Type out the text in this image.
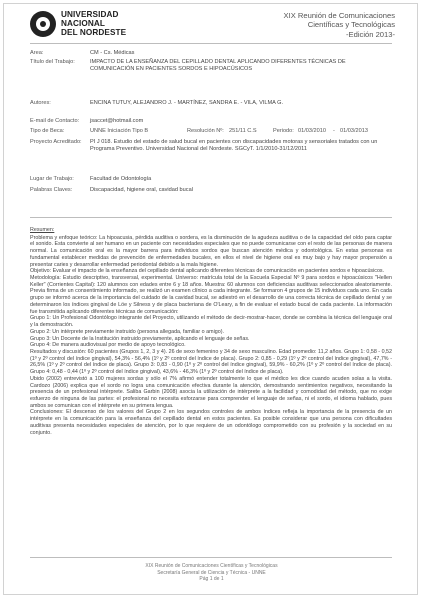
UNIVERSIDAD
NACIONAL
DEL NORDESTE
XIX Reunión de Comunicaciones
Científicas y Tecnológicas
-Edición 2013-
Area:	CM - Cs. Médicas
Título del Trabajo:	IMPACTO DE LA ENSEÑANZA DEL CEPILLADO DENTAL APLICANDO DIFERENTES TÉCNICAS DE COMUNICACIÓN EN PACIENTES SORDOS E HIPOACÚSICOS
Autores:	ENCINA TUTUY, ALEJANDRO J. - MARTÍNEZ, SANDRA E. - VILA, VILMA G.
E-mail de Contacto:	jsaccet@hotmail.com
Tipo de Beca:	UNNE Iniciación Tipo B	Resolución Nº: 251/11 C.S	Periodo: 01/03/2010 - 01/03/2013
Proyecto Acreditado:	PI J 018. Estudio del estado de salud bucal en pacientes con discapacidades motoras y sensoriales tratados con un Programa Preventivo. Universidad Nacional del Nordeste. SGCyT. 1/1/2010-31/12/2011
Lugar de Trabajo:	Facultad de Odontología
Palabras Claves:	Discapacidad, higiene oral, cavidad bucal
Resumen:

Problema y enfoque teórico: La hipoacusia, pérdida auditiva o sordera, es la disminución de la agudeza auditiva o de la capacidad del oído para captar el sonido. Esta convierte al ser humano en un paciente con necesidades especiales que no puede comunicarse con el resto de las personas de manera normal. La comunicación oral es la mayor barrera para individuos sordos que buscan atención médica y odontológica. En estas personas es fundamental establecer medidas de prevención de enfermedades bucales, en ellos el nivel de higiene oral es muy bajo y hay mayor propensión a presentar caries y desarrollar enfermedad periodontal debido a la mala higiene.

Objetivo: Evaluar el impacto de la enseñanza del cepillado dental aplicando diferentes técnicas de comunicación en pacientes sordos e hipoacúsicos.

Metodología: Estudio descriptivo, transversal, experimental. Universo: matrícula total de la Escuela Especial Nº 9 para sordos e hipoacúsicos "Hellen Keller" (Corrientes Capital): 120 alumnos con edades entre 6 y 18 años. Muestra: 60 alumnos con deficiencias auditivas seleccionados aleatoriamente. Previa firma de un consentimiento informado, se realizó un examen clínico a cada integrante. Se formaron 4 grupos de 15 individuos cada uno. En cada grupo se informó acerca de la importancia del cuidado de la cavidad bucal, se adiestró en el desarrollo de una correcta técnica de cepillado dental y se determinaron los índices gingival de Löe y Silness y de placa bacteriana de O'Leary, a fin de evaluar el estado bucal de cada paciente. La información fue transmitida aplicando diferentes técnicas de comunicación:

Grupo 1: Un Profesional Odontólogo integrante del Proyecto, utilizando el método de decir-mostrar-hacer, donde se combina la técnica del lenguaje oral y la demostración.

Grupo 2: Un intérprete previamente instruido (persona allegada, familiar o amigo).

Grupo 3: Un Docente de la Institución instruido previamente, aplicando el lenguaje de señas.

Grupo 4: De manera audiovisual por medio de apoyo tecnológico.

Resultados y discusión: 60 pacientes (Grupos 1, 2, 3 y 4). 26 de sexo femenino y 34 de sexo masculino. Edad promedio: 11,2 años. Grupo 1: 0,58 - 0,52 (1º y 2º control del índice gingival), 54,3% - 56,4% (1º y 2º control del índice de placa). Grupo 2: 0,85 - 0,29 (1º y 2º control del índice gingival), 47,7% - 26,5% (1º y 2º control del índice de placa). Grupo 3: 0,83 - 0,90 (1º y 2º control del índice gingival), 59,9% - 60,2% (1º y 2º control del índice de placa). Grupo 4: 0,48 - 0,44 (1º y 2º control del índice gingival), 43,6% - 46,3% (1º y 2º control del índice de placa).

Ubido (2002) entrevistó a 100 mujeres sordas y sólo el 7% afirmó entender totalmente lo que el médico les dice cuando acuden solas a la visita. Cardozo (2006) explica que el sordo no logra una comunicación efectiva durante la atención, demostrando sentimientos negativos, necesitando la presencia de un profesional intérprete. Saliba Garbin (2008) asocia la utilización de intérprete a la facilidad y comodidad del método, que no exige esfuerzo de ninguna de las partes: el profesional no necesita esforzarse para comprender el lenguaje de señas, ni el sordo, el idioma hablado, pues ambos se comunican con el intérprete en su primera lengua.

Conclusiones: El descenso de los valores del Grupo 2 en los segundos controles de ambos índices refleja la importancia de la presencia de un intérprete en la comunicación para la enseñanza del cepillado dental en estos pacientes. Es posible considerar que una persona con dificultades auditivas presenta necesidades especiales de atención, por lo que requiere de un odontólogo comprometido con su profesión y la sociedad en su conjunto.

XIX Reunión de Comunicaciones Científicas y Tecnológicas
Secretaría General de Ciencia y Técnica - UNNE
Pág 1 de 1
